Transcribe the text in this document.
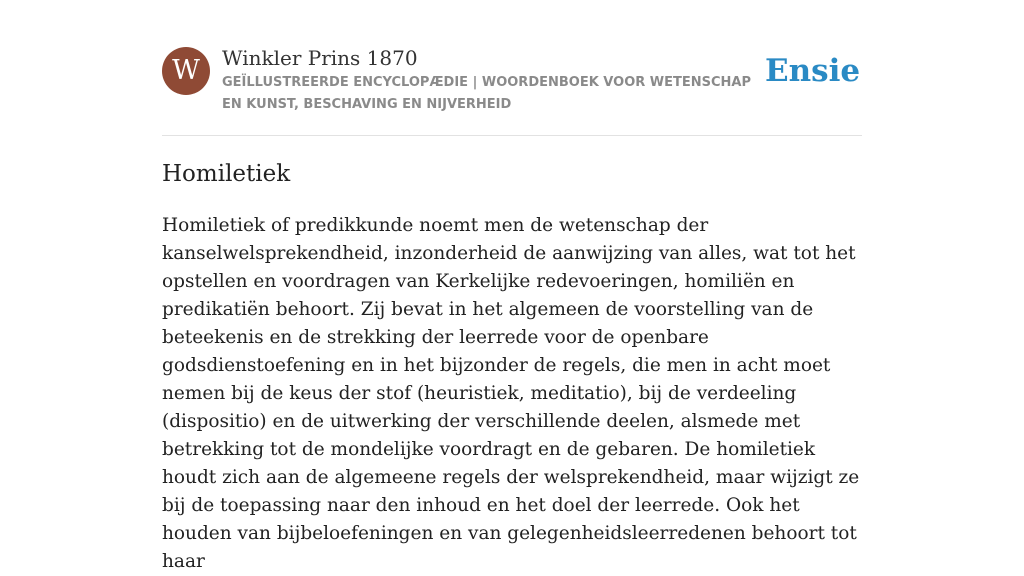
W	Winkler Prins 1870
GEÏLLUSTREERDE ENCYCLOPÆDIE | WOORDENBOEK VOOR WETENSCHAP EN KUNST, BESCHAVING EN NIJVERHEID
Ensie
Homiletiek

Homiletiek of predikkunde noemt men de wetenschap der kanselwelsprekendheid, inzonderheid de aanwijzing van alles, wat tot het opstellen en voordragen van Kerkelijke redevoeringen, homiliën en predikatiën behoort. Zij bevat in het algemeen de voorstelling van de beteekenis en de strekking der leerrede voor de openbare godsdienstoefening en in het bijzonder de regels, die men in acht moet nemen bij de keus der stof (heuristiek, meditatio), bij de verdeeling (dispositio) en de uitwerking der verschillende deelen, alsmede met betrekking tot de mondelijke voordragt en de gebaren. De homiletiek houdt zich aan de algemeene regels der welsprekendheid, maar wijzigt ze bij de toepassing naar den inhoud en het doel der leerrede. Ook het houden van bijbeloefeningen en van gelegenheidsleerredenen behoort tot haar
